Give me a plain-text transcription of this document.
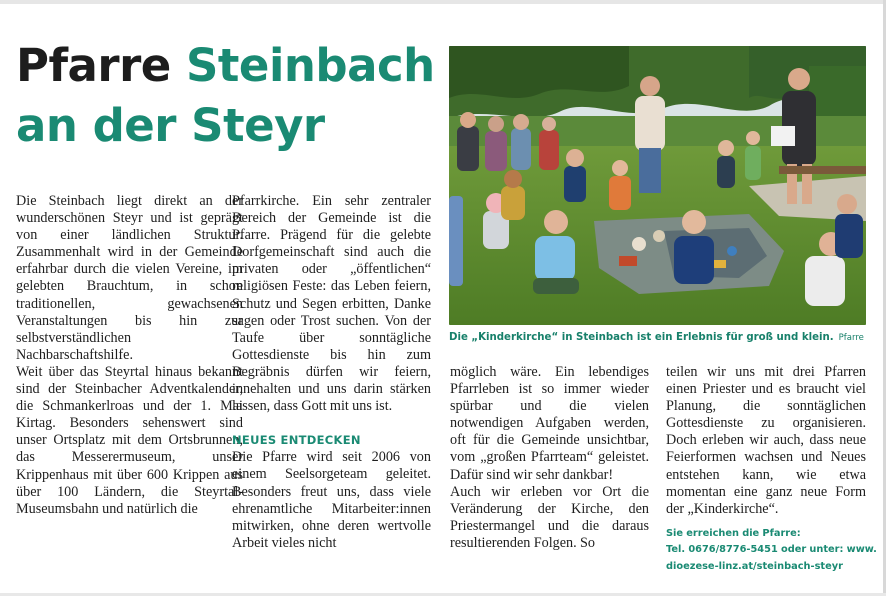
Pfarre Steinbach
an der Steyr

Die „Kinderkirche“ in Steinbach ist ein Erlebnis für groß und klein. Pfarre

Die Steinbach liegt direkt an der wunderschönen Steyr und ist geprägt von einer ländlichen Struktur. Zusammenhalt wird in der Gemeinde erfahrbar durch die vielen Vereine, im gelebten Brauchtum, in schon traditionellen, gewachsenen Veranstaltungen bis hin zur selbstverständlichen Nachbarschaftshilfe.

Weit über das Steyrtal hinaus bekannt sind der Steinbacher Adventkalender, die Schmankerlroas und der 1. Mai Kirtag. Besonders sehenswert sind unser Ortsplatz mit dem Ortsbrunnen, das Messerermuseum, unser Krippenhaus mit über 600 Krippen aus über 100 Ländern, die Steyrtal-Museumsbahn und natürlich die

Pfarrkirche. Ein sehr zentraler Bereich der Gemeinde ist die Pfarre. Prägend für die gelebte Dorfgemeinschaft sind auch die privaten oder „öffentlichen“ religiösen Feste: das Leben feiern, Schutz und Segen erbitten, Danke sagen oder Trost suchen. Von der Taufe über sonntägliche Gottesdienste bis hin zum Begräbnis dürfen wir feiern, innehalten und uns darin stärken lassen, dass Gott mit uns ist.

NEUES ENTDECKEN

Die Pfarre wird seit 2006 von einem Seelsorgeteam geleitet. Besonders freut uns, dass viele ehrenamtliche Mitarbeiter:innen mitwirken, ohne deren wertvolle Arbeit vieles nicht

möglich wäre. Ein lebendiges Pfarrleben ist so immer wieder spürbar und die vielen notwendigen Aufgaben werden, oft für die Gemeinde unsichtbar, vom „großen Pfarrteam“ geleistet. Dafür sind wir sehr dankbar!

Auch wir erleben vor Ort die Veränderung der Kirche, den Priestermangel und die daraus resultierenden Folgen. So

teilen wir uns mit drei Pfarren einen Priester und es braucht viel Planung, die sonntäglichen Gottesdienste zu organisieren. Doch erleben wir auch, dass neue Feierformen wachsen und Neues entstehen kann, wie etwa momentan eine ganz neue Form der „Kinderkirche“.

Sie erreichen die Pfarre:
Tel. 0676/8776-5451 oder unter: www.
dioezese-linz.at/steinbach-steyr
